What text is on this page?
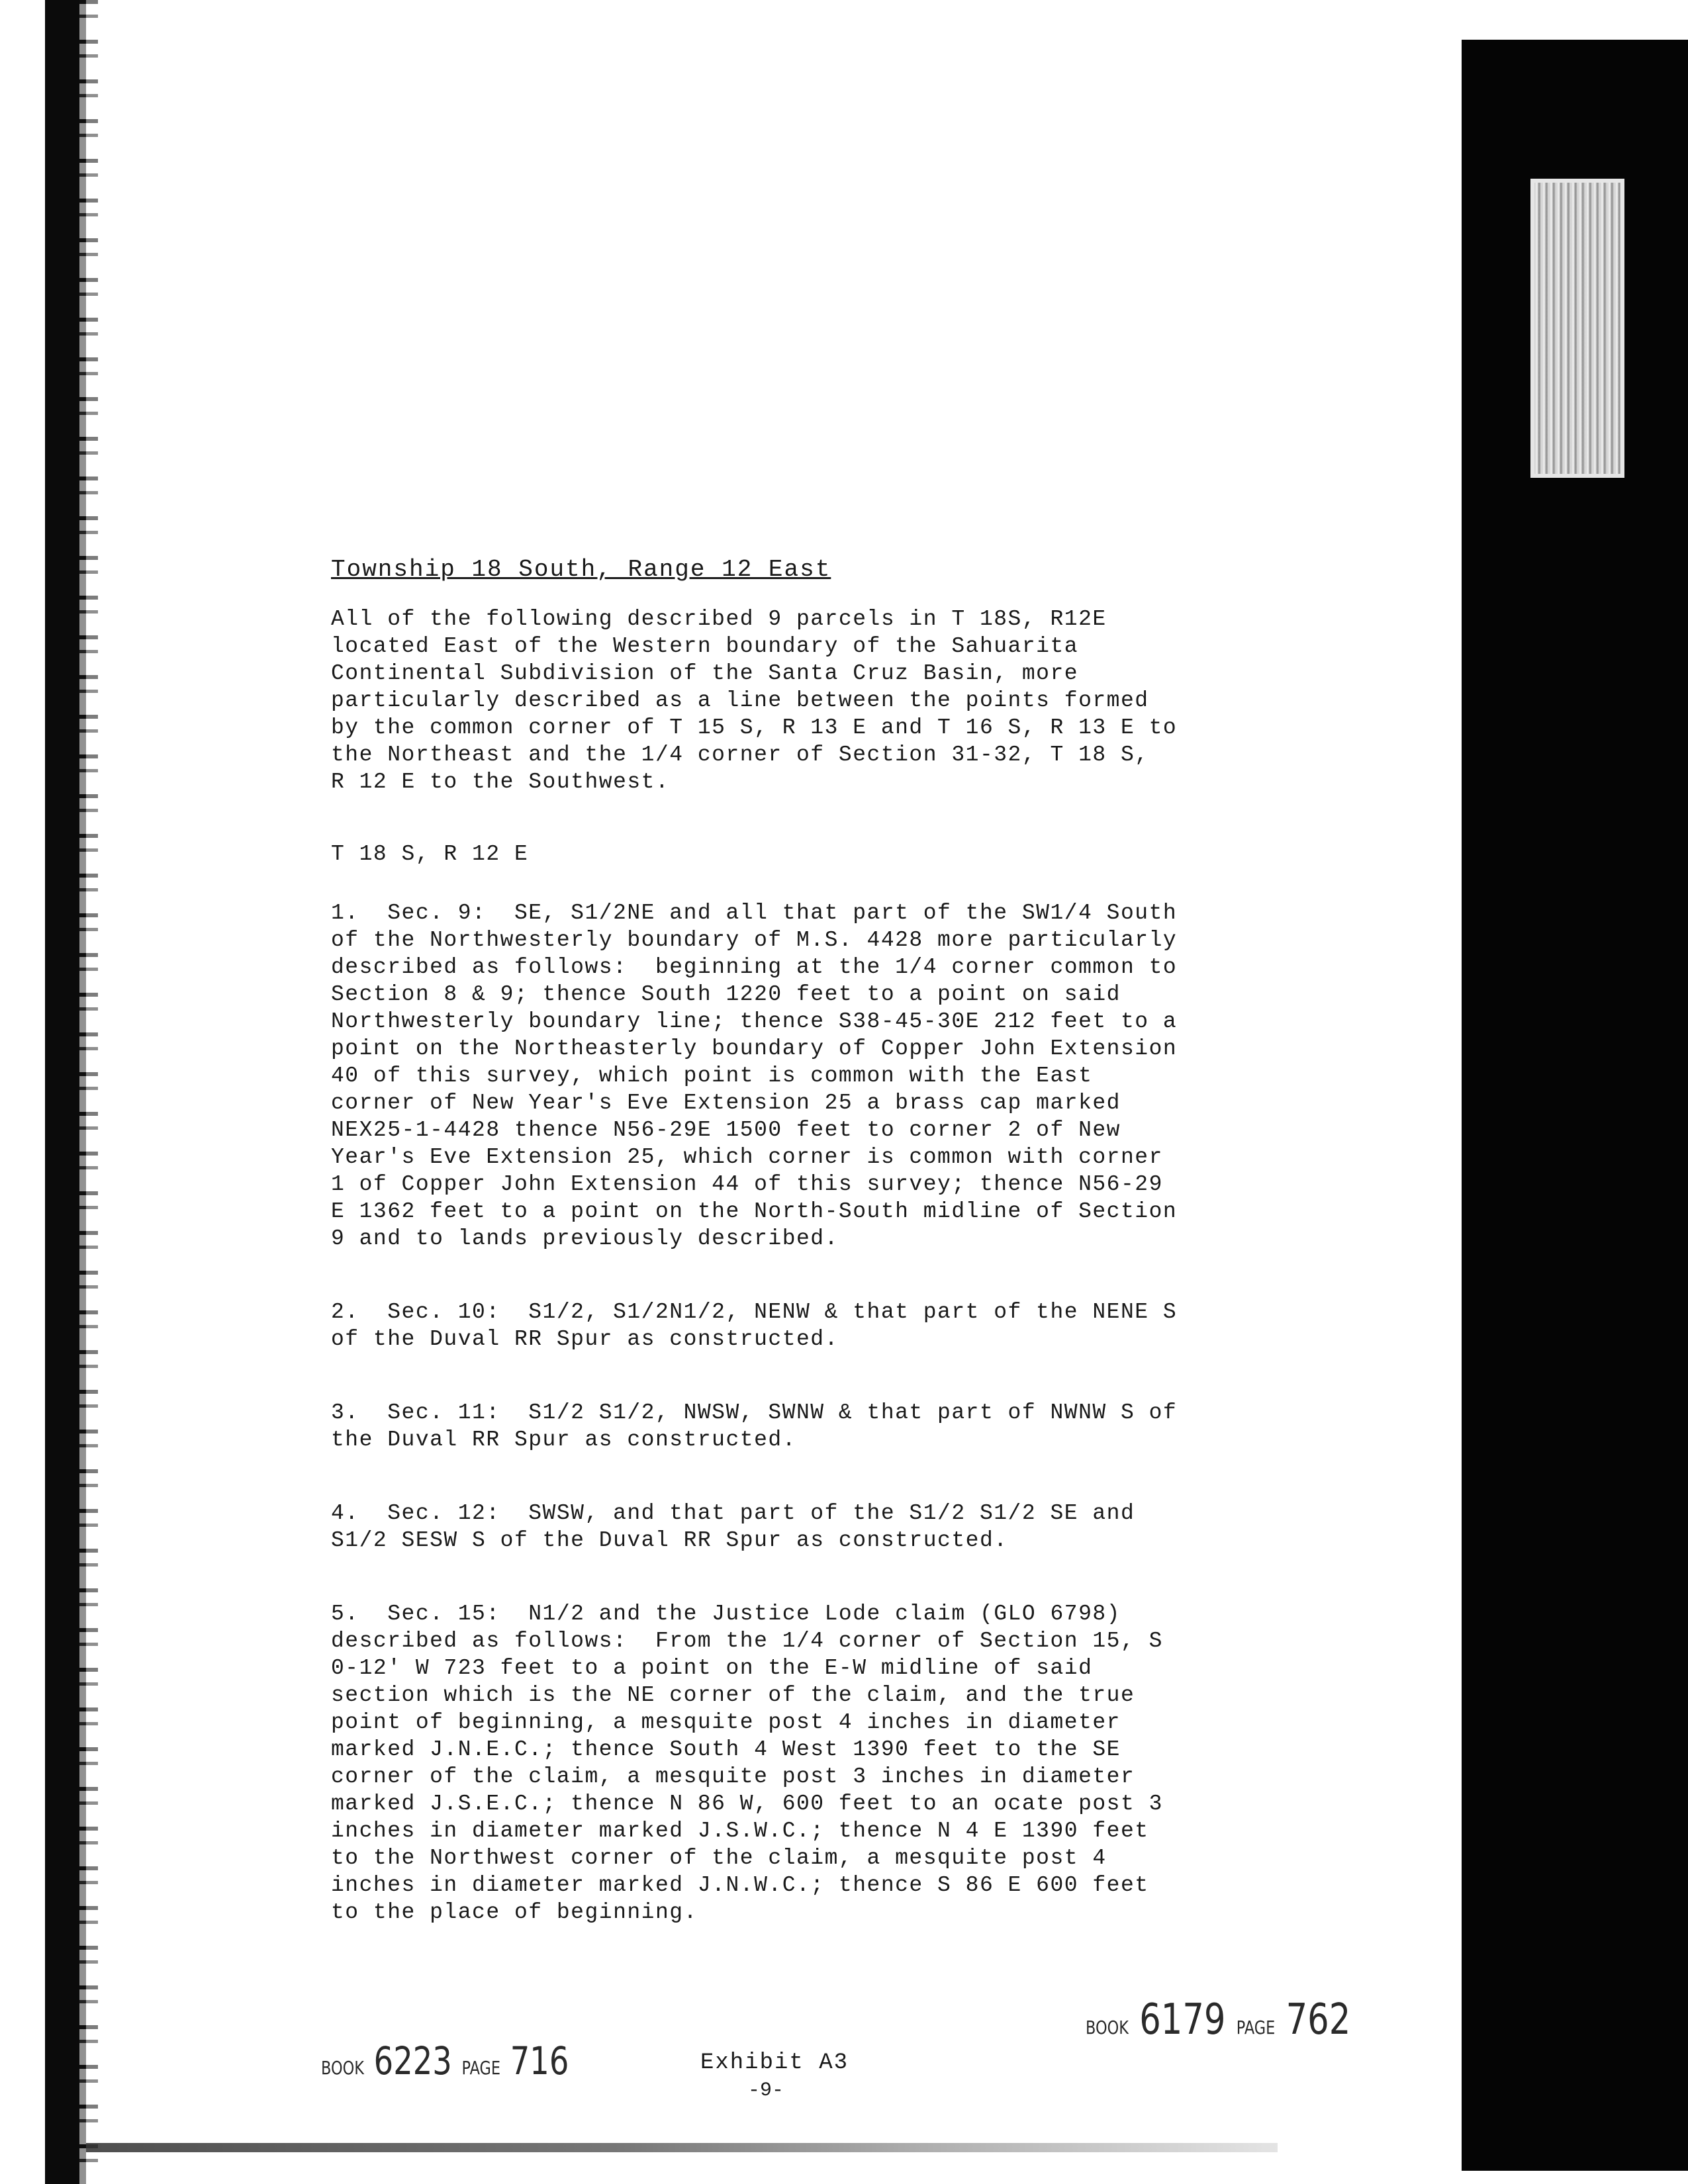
Township 18 South, Range 12 East

All of the following described 9 parcels in T 18S, R12E
located East of the Western boundary of the Sahuarita
Continental Subdivision of the Santa Cruz Basin, more
particularly described as a line between the points formed
by the common corner of T 15 S, R 13 E and T 16 S, R 13 E to
the Northeast and the 1/4 corner of Section 31-32, T 18 S,
R 12 E to the Southwest.

T 18 S, R 12 E

1.  Sec. 9:  SE, S1/2NE and all that part of the SW1/4 South
of the Northwesterly boundary of M.S. 4428 more particularly
described as follows:  beginning at the 1/4 corner common to
Section 8 & 9; thence South 1220 feet to a point on said
Northwesterly boundary line; thence S38-45-30E 212 feet to a
point on the Northeasterly boundary of Copper John Extension
40 of this survey, which point is common with the East
corner of New Year's Eve Extension 25 a brass cap marked
NEX25-1-4428 thence N56-29E 1500 feet to corner 2 of New
Year's Eve Extension 25, which corner is common with corner
1 of Copper John Extension 44 of this survey; thence N56-29
E 1362 feet to a point on the North-South midline of Section
9 and to lands previously described.

2.  Sec. 10:  S1/2, S1/2N1/2, NENW & that part of the NENE S
of the Duval RR Spur as constructed.

3.  Sec. 11:  S1/2 S1/2, NWSW, SWNW & that part of NWNW S of
the Duval RR Spur as constructed.

4.  Sec. 12:  SWSW, and that part of the S1/2 S1/2 SE and
S1/2 SESW S of the Duval RR Spur as constructed.

5.  Sec. 15:  N1/2 and the Justice Lode claim (GLO 6798)
described as follows:  From the 1/4 corner of Section 15, S
0-12' W 723 feet to a point on the E-W midline of said
section which is the NE corner of the claim, and the true
point of beginning, a mesquite post 4 inches in diameter
marked J.N.E.C.; thence South 4 West 1390 feet to the SE
corner of the claim, a mesquite post 3 inches in diameter
marked J.S.E.C.; thence N 86 W, 600 feet to an ocate post 3
inches in diameter marked J.S.W.C.; thence N 4 E 1390 feet
to the Northwest corner of the claim, a mesquite post 4
inches in diameter marked J.N.W.C.; thence S 86 E 600 feet
to the place of beginning.

BOOK 6223 PAGE 716	Exhibit A3
-9-
BOOK 6179 PAGE 762
